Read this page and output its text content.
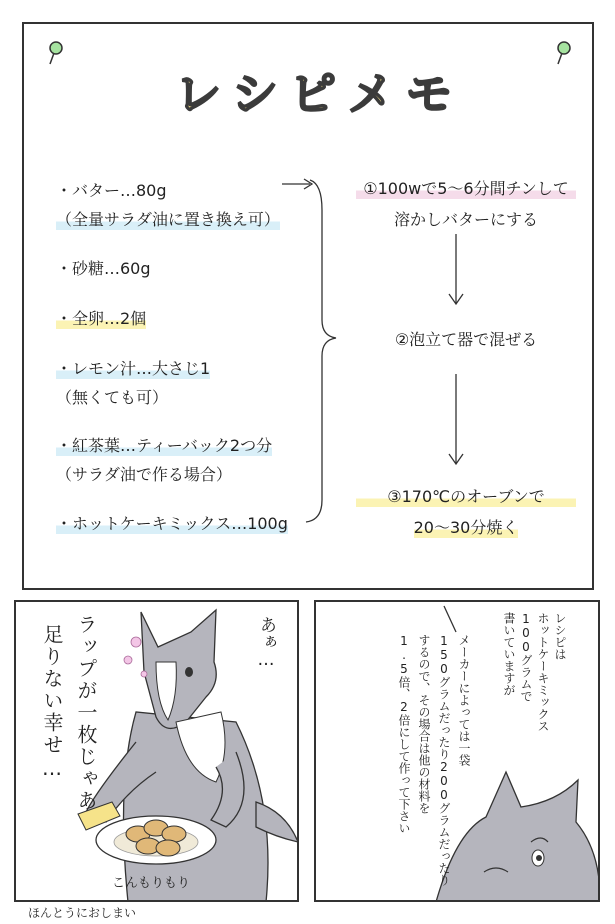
レシピメモ
・バター…80g
（全量サラダ油に置き換え可）
・砂糖…60g
・全卵…2個
・レモン汁…大さじ1
（無くても可）
・紅茶葉…ティーバック2つ分
（サラダ油で作る場合）
・ホットケーキミックス…100g
①100wで5〜6分間チンして
溶かしバターにする
②泡立て器で混ぜる
③170℃のオーブンで
20〜30分焼く
あぁ…
ラップが一枚じゃあ
足りない幸せ…
こんもりもり
レシピは
ホットケーキミックス
100グラムで
書いていますが
メーカーによっては一袋
150グラムだったり200グラムだったり
するので、その場合は他の材料を
1.5倍、2倍にして作って下さい
ほんとうにおしまい
